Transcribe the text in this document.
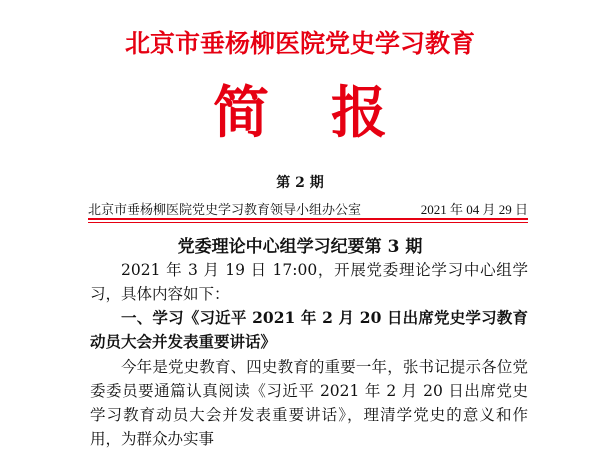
北京市垂杨柳医院党史学习教育
简报
第 2 期
北京市垂杨柳医院党史学习教育领导小组办公室	2021 年 04 月 29 日
党委理论中心组学习纪要第 3 期
2021 年 3 月 19 日 17:00，开展党委理论学习中心组学习，具体内容如下：
一、学习《习近平 2021 年 2 月 20 日出席党史学习教育动员大会并发表重要讲话》
今年是党史教育、四史教育的重要一年，张书记提示各位党委委员要通篇认真阅读《习近平 2021 年 2 月 20 日出席党史学习教育动员大会并发表重要讲话》，理清学党史的意义和作用，为群众办实事
